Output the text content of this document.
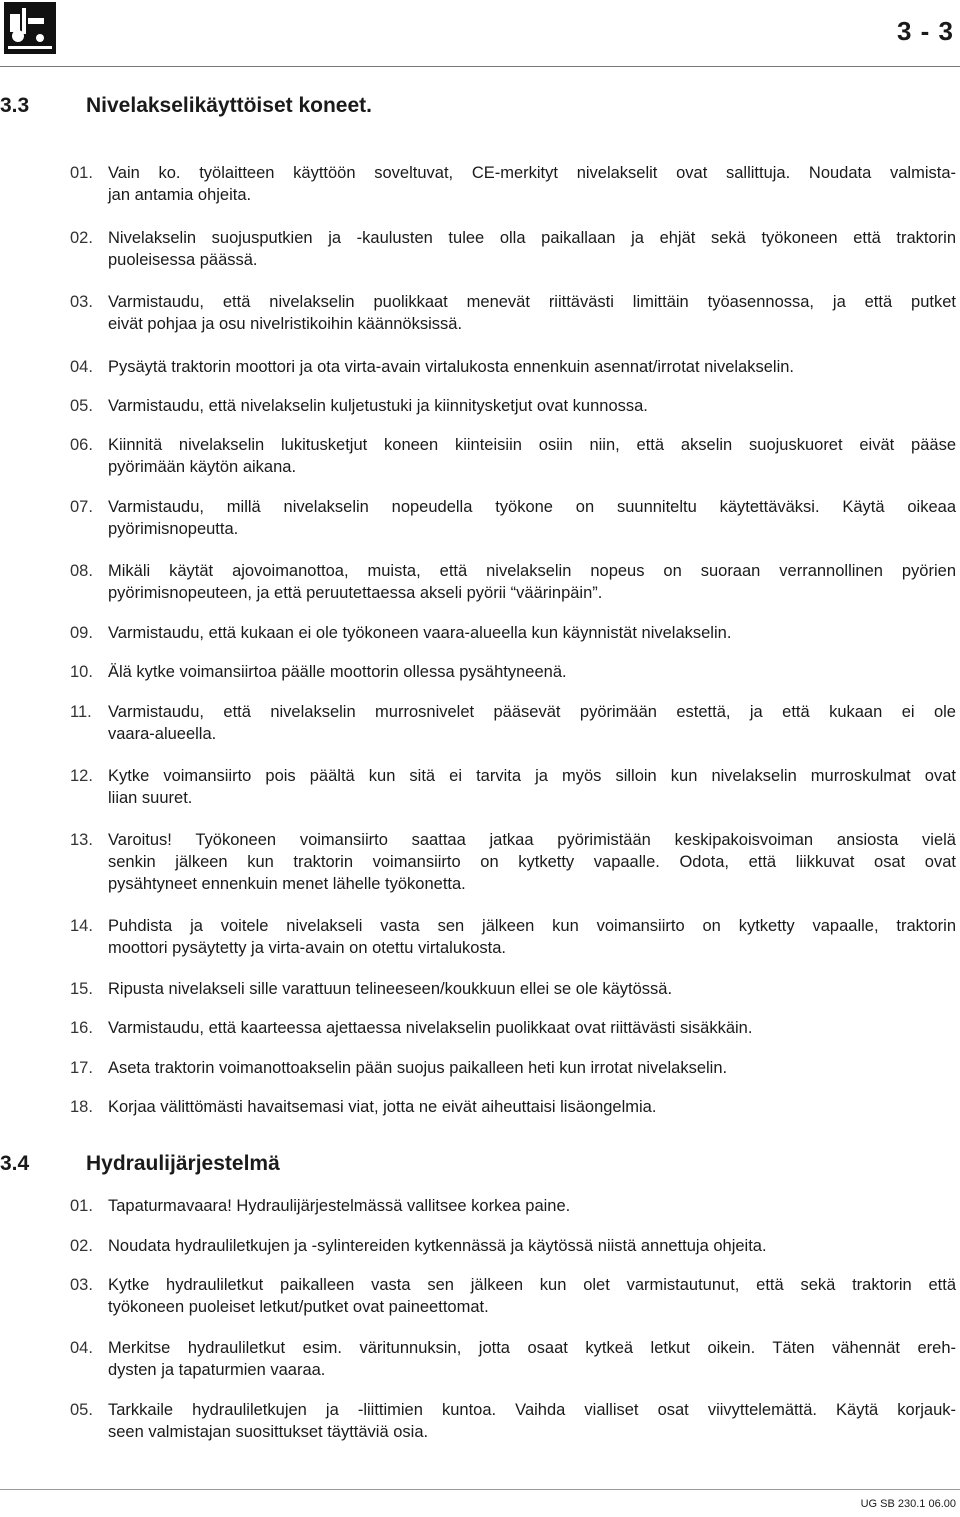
3 - 3
3.3	Nivelakselikäyttöiset koneet.
01. Vain ko. työlaitteen käyttöön soveltuvat, CE-merkityt nivelakselit ovat sallittuja. Noudata valmista-
jan antamia ohjeita.
02. Nivelakselin suojusputkien ja -kaulusten tulee olla paikallaan ja ehjät sekä työkoneen että traktorin
puoleisessa päässä.
03. Varmistaudu, että nivelakselin puolikkaat menevät riittävästi limittäin työasennossa, ja että putket
eivät pohjaa ja osu nivelristikoihin käännöksissä.
04. Pysäytä traktorin moottori ja ota virta-avain virtalukosta ennenkuin asennat/irrotat nivelakselin.
05. Varmistaudu, että nivelakselin kuljetustuki ja kiinnitysketjut ovat kunnossa.
06. Kiinnitä nivelakselin lukitusketjut koneen kiinteisiin osiin niin, että akselin suojuskuoret eivät pääse
pyörimään käytön aikana.
07. Varmistaudu, millä nivelakselin nopeudella työkone on suunniteltu käytettäväksi. Käytä oikeaa
pyörimisnopeutta.
08. Mikäli käytät ajovoimanottoa, muista, että nivelakselin nopeus on suoraan verrannollinen pyörien
pyörimisnopeuteen, ja että peruutettaessa akseli pyörii “väärinpäin”.
09. Varmistaudu, että kukaan ei ole työkoneen vaara-alueella kun käynnistät nivelakselin.
10. Älä kytke voimansiirtoa päälle moottorin ollessa pysähtyneenä.
11. Varmistaudu, että nivelakselin murrosnivelet pääsevät pyörimään estettä, ja että kukaan ei ole
vaara-alueella.
12. Kytke voimansiirto pois päältä kun sitä ei tarvita ja myös silloin kun nivelakselin murroskulmat ovat
liian suuret.
13. Varoitus! Työkoneen voimansiirto saattaa jatkaa pyörimistään keskipakoisvoiman ansiosta vielä
senkin jälkeen kun traktorin voimansiirto on kytketty vapaalle. Odota, että liikkuvat osat ovat
pysähtyneet ennenkuin menet lähelle työkonetta.
14. Puhdista ja voitele nivelakseli vasta sen jälkeen kun voimansiirto on kytketty vapaalle, traktorin
moottori pysäytetty ja virta-avain on otettu virtalukosta.
15. Ripusta nivelakseli sille varattuun telineeseen/koukkuun ellei se ole käytössä.
16. Varmistaudu, että kaarteessa ajettaessa nivelakselin puolikkaat ovat riittävästi sisäkkäin.
17. Aseta traktorin voimanottoakselin pään suojus paikalleen heti kun irrotat nivelakselin.
18. Korjaa välittömästi havaitsemasi viat, jotta ne eivät aiheuttaisi lisäongelmia.
3.4	Hydraulijärjestelmä
01. Tapaturmavaara! Hydraulijärjestelmässä vallitsee korkea paine.
02. Noudata hydrauliletkujen ja -sylintereiden kytkennässä ja käytössä niistä annettuja ohjeita.
03. Kytke hydrauliletkut paikalleen vasta sen jälkeen kun olet varmistautunut, että sekä traktorin että
työkoneen puoleiset letkut/putket ovat paineettomat.
04. Merkitse hydrauliletkut esim. väritunnuksin, jotta osaat kytkeä letkut oikein. Täten vähennät ereh-
dysten ja tapaturmien vaaraa.
05. Tarkkaile hydrauliletkujen ja -liittimien kuntoa. Vaihda vialliset osat viivyttelemättä. Käytä korjauk-
seen valmistajan suosittukset täyttäviä osia.
UG SB 230.1 06.00
